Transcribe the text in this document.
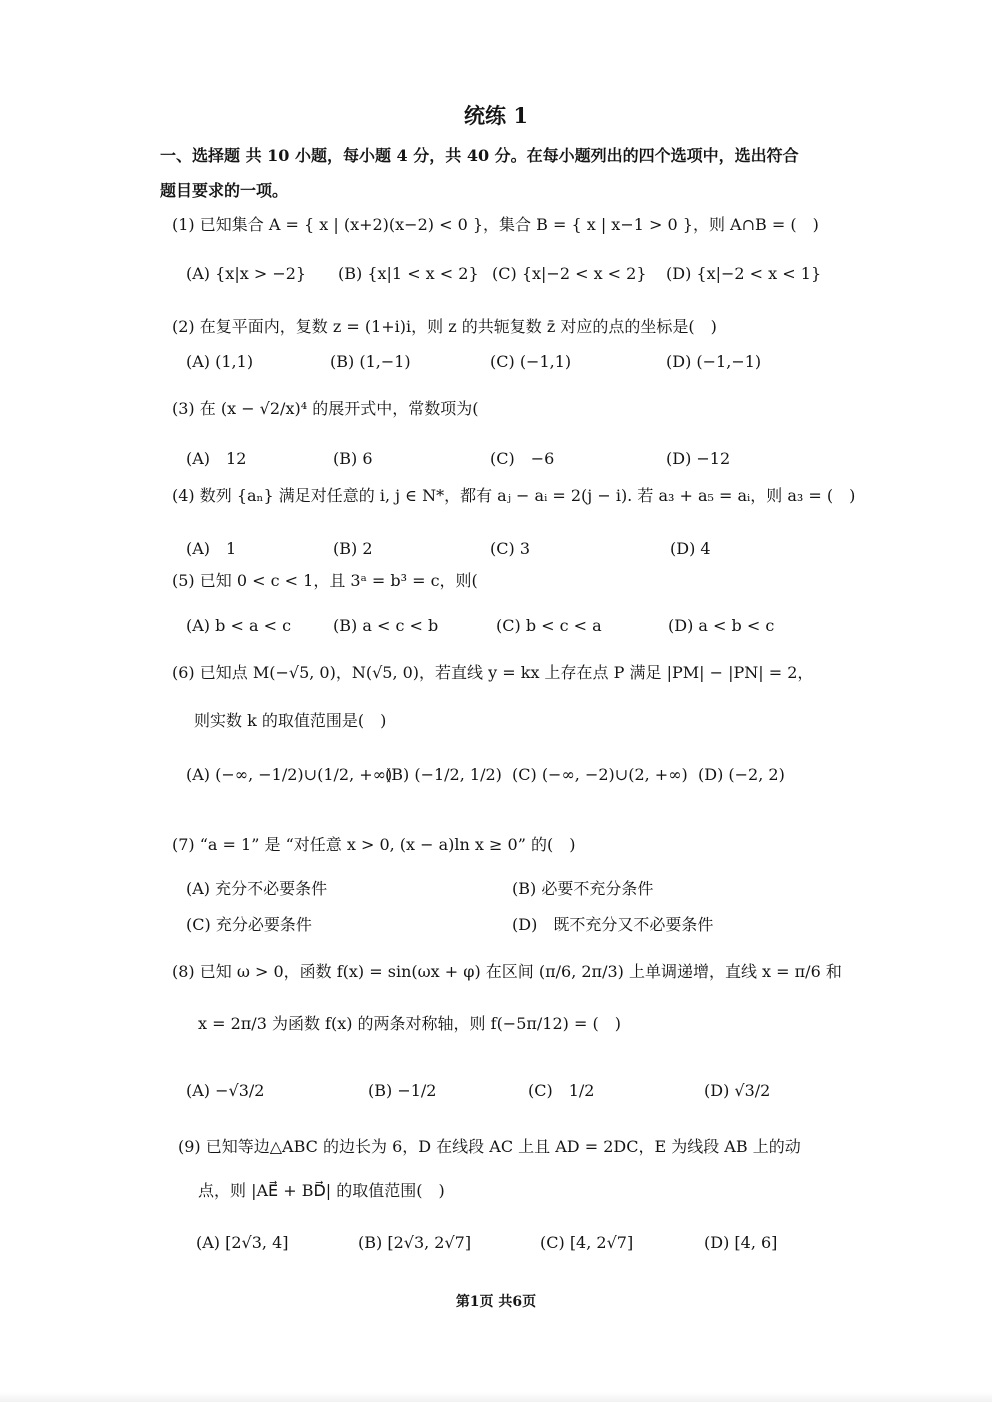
统练 1
一、选择题 共 10 小题，每小题 4 分，共 40 分。在每小题列出的四个选项中，选出符合
题目要求的一项。
(1) 已知集合 A = { x | (x+2)(x−2) < 0 }，集合 B = { x | x−1 > 0 }，则 A∩B = (　)
(A) {x|x > −2} (B) {x|1 < x < 2} (C) {x|−2 < x < 2} (D) {x|−2 < x < 1}
(2) 在复平面内，复数 z = (1+i)i，则 z 的共轭复数 z̄ 对应的点的坐标是(　)
(A) (1,1)	(B) (1,−1)	(C) (−1,1)	(D) (−1,−1)
(3) 在 (x − √2/x)⁴ 的展开式中，常数项为(
(A)　12	(B) 6	(C)　−6	(D) −12
(4) 数列 {aₙ} 满足对任意的 i, j ∈ N*，都有 aⱼ − aᵢ = 2(j − i). 若 a₃ + a₅ = aᵢ，则 a₃ = (　)
(A)　1	(B) 2	(C) 3	(D) 4
(5) 已知 0 < c < 1，且 3ᵃ = b³ = c，则(
(A) b < a < c	(B) a < c < b	(C) b < c < a	(D) a < b < c
(6) 已知点 M(−√5, 0)，N(√5, 0)，若直线 y = kx 上存在点 P 满足 |PM| − |PN| = 2，
则实数 k 的取值范围是(　)
(A) (−∞, −1/2)∪(1/2, +∞)
(B) (−1/2, 1/2) (C) (−∞, −2)∪(2, +∞) (D) (−2, 2)
(7) “a = 1” 是 “对任意 x > 0, (x − a)ln x ≥ 0” 的(　)
(A) 充分不必要条件	(B) 必要不充分条件
(C) 充分必要条件	(D)　既不充分又不必要条件
(8) 已知 ω > 0，函数 f(x) = sin(ωx + φ) 在区间 (π/6, 2π/3) 上单调递增，直线 x = π/6 和
x = 2π/3 为函数 f(x) 的两条对称轴，则 f(−5π/12) = (　)
(A) −√3/2	(B) −1/2	(C)　1/2	(D) √3/2
(9) 已知等边△ABC 的边长为 6，D 在线段 AC 上且 AD = 2DC，E 为线段 AB 上的动
点，则 |AE⃗ + BD⃗| 的取值范围(　)
(A) [2√3, 4]	(B) [2√3, 2√7]	(C) [4, 2√7]	(D) [4, 6]
第1页 共6页
